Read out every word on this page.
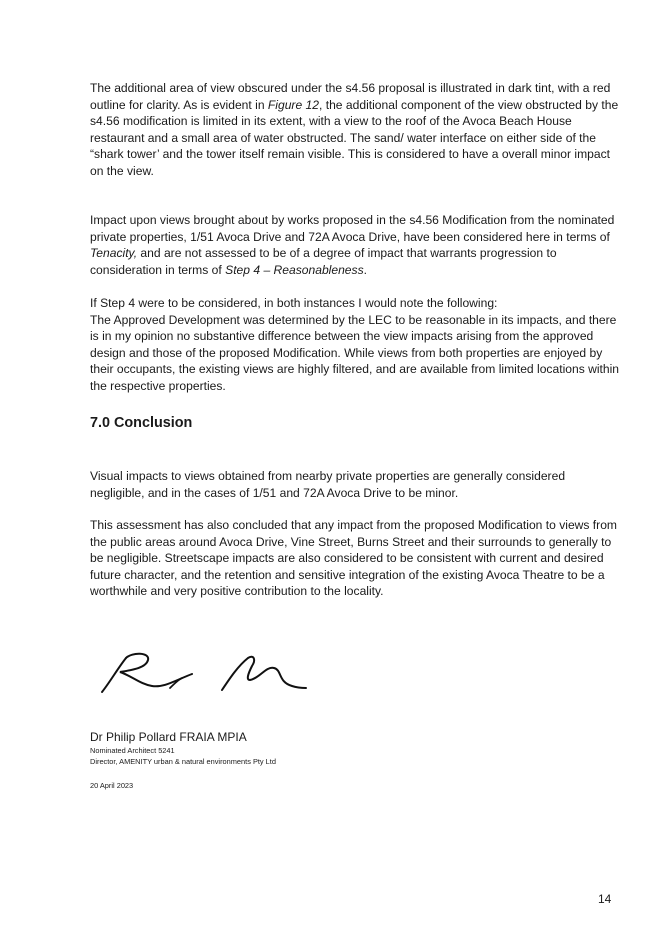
The additional area of view obscured under the s4.56 proposal is illustrated in dark tint, with a red outline for clarity. As is evident in Figure 12, the additional component of the view obstructed by the s4.56 modification is limited in its extent, with a view to the roof of the Avoca Beach House restaurant and a small area of water obstructed. The sand/ water interface on either side of the “shark tower’ and the tower itself remain visible. This is considered to have a overall minor impact on the view.

Impact upon views brought about by works proposed in the s4.56 Modification from the nominated private properties, 1/51 Avoca Drive and 72A Avoca Drive, have been considered here in terms of Tenacity, and are not assessed to be of a degree of impact that warrants progression to consideration in terms of Step 4 – Reasonableness.

If Step 4 were to be considered, in both instances I would note the following:
The Approved Development was determined by the LEC to be reasonable in its impacts, and there is in my opinion no substantive difference between the view impacts arising from the approved design and those of the proposed Modification. While views from both properties are enjoyed by their occupants, the existing views are highly filtered, and are available from limited locations within the respective properties.

7.0 Conclusion

Visual impacts to views obtained from nearby private properties are generally considered negligible, and in the cases of 1/51 and 72A Avoca Drive to be minor.

This assessment has also concluded that any impact from the proposed Modification to views from the public areas around Avoca Drive, Vine Street, Burns Street and their surrounds to generally to be negligible. Streetscape impacts are also considered to be consistent with current and desired future character, and the retention and sensitive integration of the existing Avoca Theatre to be a worthwhile and very positive contribution to the locality.

Dr Philip Pollard FRAIA MPIA

Nominated Architect 5241

Director, AMENITY urban & natural environments Pty Ltd

20 April 2023

14
